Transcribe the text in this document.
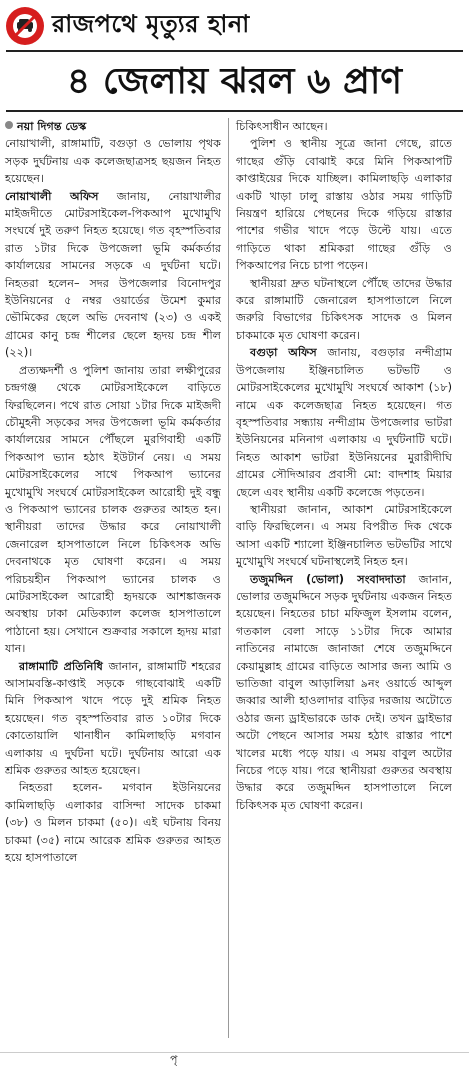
রাজপথে মৃত্যুর হানা
৪ জেলায় ঝরল ৬ প্রাণ

নয়া দিগন্ত ডেস্ক

নোয়াখালী, রাঙ্গামাটি, বগুড়া ও ভোলায় পৃথক সড়ক দুর্ঘটনায় এক কলেজছাত্রসহ ছয়জন নিহত হয়েছেন।

নোয়াখালী অফিস জানায়, নোয়াখালীর মাইজদীতে মোটরসাইকেল-পিকআপ মুখোমুখি সংঘর্ষে দুই তরুণ নিহত হয়েছে। গত বৃহস্পতিবার রাত ১টার দিকে উপজেলা ভূমি কর্মকর্তার কার্যালয়ের সামনের সড়কে এ দুর্ঘটনা ঘটে। নিহতরা হলেন– সদর উপজেলার বিনোদপুর ইউনিয়নের ৫ নম্বর ওয়ার্ডের উমেশ কুমার ভৌমিকের ছেলে অভি দেবনাথ (২৩) ও একই গ্রামের কানু চন্দ্র শীলের ছেলে হৃদয় চন্দ্র শীল (২২)।

প্রত্যক্ষদর্শী ও পুলিশ জানায় তারা লক্ষীপুরের চন্দ্রগঞ্জ থেকে মোটরসাইকেলে বাড়িতে ফিরছিলেন। পথে রাত সোয়া ১টার দিকে মাইজদী চৌমুহনী সড়কের সদর উপজেলা ভূমি কর্মকর্তার কার্যালয়ের সামনে পৌঁছলে মুরগিবাহী একটি পিকআপ ভ্যান হঠাৎ ইউটার্ন নেয়। এ সময় মোটরসাইকেলের সাথে পিকআপ ভ্যানের মুখোমুখি সংঘর্ষে মোটরসাইকেল আরোহী দুই বন্ধু ও পিকআপ ভ্যানের চালক গুরুতর আহত হন। স্থানীয়রা তাদের উদ্ধার করে নোয়াখালী জেনারেল হাসপাতালে নিলে চিকিৎসক অভি দেবনাথকে মৃত ঘোষণা করেন। এ সময় পরিচয়হীন পিকআপ ভ্যানের চালক ও মোটরসাইকেল আরোহী হৃদয়কে আশঙ্কাজনক অবস্থায় ঢাকা মেডিক্যাল কলেজ হাসপাতালে পাঠানো হয়। সেখানে শুক্রবার সকালে হৃদয় মারা যান।

রাঙ্গামাটি প্রতিনিধি জানান, রাঙ্গামাটি শহরের আসামবস্তি-কাপ্তাই সড়কে গাছবোঝাই একটি মিনি পিকআপ খাদে পড়ে দুই শ্রমিক নিহত হয়েছেন। গত বৃহস্পতিবার রাত ১০টার দিকে কোতোয়ালি থানাধীন কামিলাছড়ি মগবান এলাকায় এ দুর্ঘটনা ঘটে। দুর্ঘটনায় আরো এক শ্রমিক গুরুতর আহত হয়েছেন।

নিহতরা হলেন- মগবান ইউনিয়নের কামিলাছড়ি এলাকার বাসিন্দা সাদেক চাকমা (৩৮) ও মিলন চাকমা (৫০)। এই ঘটনায় বিনয় চাকমা (৩৫) নামে আরেক শ্রমিক গুরুতর আহত হয়ে হাসপাতালে

চিকিৎসাধীন আছেন।

পুলিশ ও স্থানীয় সূত্রে জানা গেছে, রাতে গাছের গুঁড়ি বোঝাই করে মিনি পিকআপটি কাপ্তাইয়ের দিকে যাচ্ছিল। কামিলাছড়ি এলাকার একটি খাড়া ঢালু রাস্তায় ওঠার সময় গাড়িটি নিয়ন্ত্রণ হারিয়ে পেছনের দিকে গড়িয়ে রাস্তার পাশের গভীর খাদে পড়ে উল্টে যায়। এতে গাড়িতে থাকা শ্রমিকরা গাছের গুঁড়ি ও পিকআপের নিচে চাপা পড়েন।

স্থানীয়রা দ্রুত ঘটনাস্থলে পৌঁছে তাদের উদ্ধার করে রাঙ্গামাটি জেনারেল হাসপাতালে নিলে জরুরি বিভাগের চিকিৎসক সাদেক ও মিলন চাকমাকে মৃত ঘোষণা করেন।

বগুড়া অফিস জানায়, বগুড়ার নন্দীগ্রাম উপজেলায় ইঞ্জিনচালিত ভটভটি ও মোটরসাইকেলের মুখোমুখি সংঘর্ষে আকাশ (১৮) নামে এক কলেজছাত্র নিহত হয়েছেন। গত বৃহস্পতিবার সন্ধ্যায় নন্দীগ্রাম উপজেলার ভাটরা ইউনিয়নের মনিনাগ এলাকায় এ দুর্ঘটনাটি ঘটে। নিহত আকাশ ভাটরা ইউনিয়নের মুরারীদীঘি গ্রামের সৌদিআরব প্রবাসী মো: বাদশাহ মিয়ার ছেলে এবং স্থানীয় একটি কলেজে পড়তেন।

স্থানীয়রা জানান, আকাশ মোটরসাইকেলে বাড়ি ফিরছিলেন। এ সময় বিপরীত দিক থেকে আসা একটি শ্যালো ইঞ্জিনচালিত ভটভটির সাথে মুখোমুখি সংঘর্ষে ঘটনাস্থলেই নিহত হন।

তজুমদ্দিন (ভোলা) সংবাদদাতা জানান, ভোলার তজুমদ্দিনে সড়ক দুর্ঘটনায় একজন নিহত হয়েছেন। নিহতের চাচা মফিজুল ইসলাম বলেন, গতকাল বেলা সাড়ে ১১টার দিকে আমার নাতিনের নামাজে জানাজা শেষে তজুমদ্দিনে কেয়ামুল্লাহ গ্রামের বাড়িতে আসার জন্য আমি ও ভাতিজা বাবুল আড়ালিয়া ৯নং ওয়ার্ডে আব্দুল জব্বার আলী হাওলাদার বাড়ির দরজায় অটোতে ওঠার জন্য ড্রাইভারকে ডাক দেই। তখন ড্রাইভার অটো পেছনে আসার সময় হঠাৎ রাস্তার পাশে খালের মধ্যে পড়ে যায়। এ সময় বাবুল অটোর নিচের পড়ে যায়। পরে স্থানীয়রা গুরুতর অবস্থায় উদ্ধার করে তজুমদ্দিন হাসপাতালে নিলে চিকিৎসক মৃত ঘোষণা করেন।

পৃ
